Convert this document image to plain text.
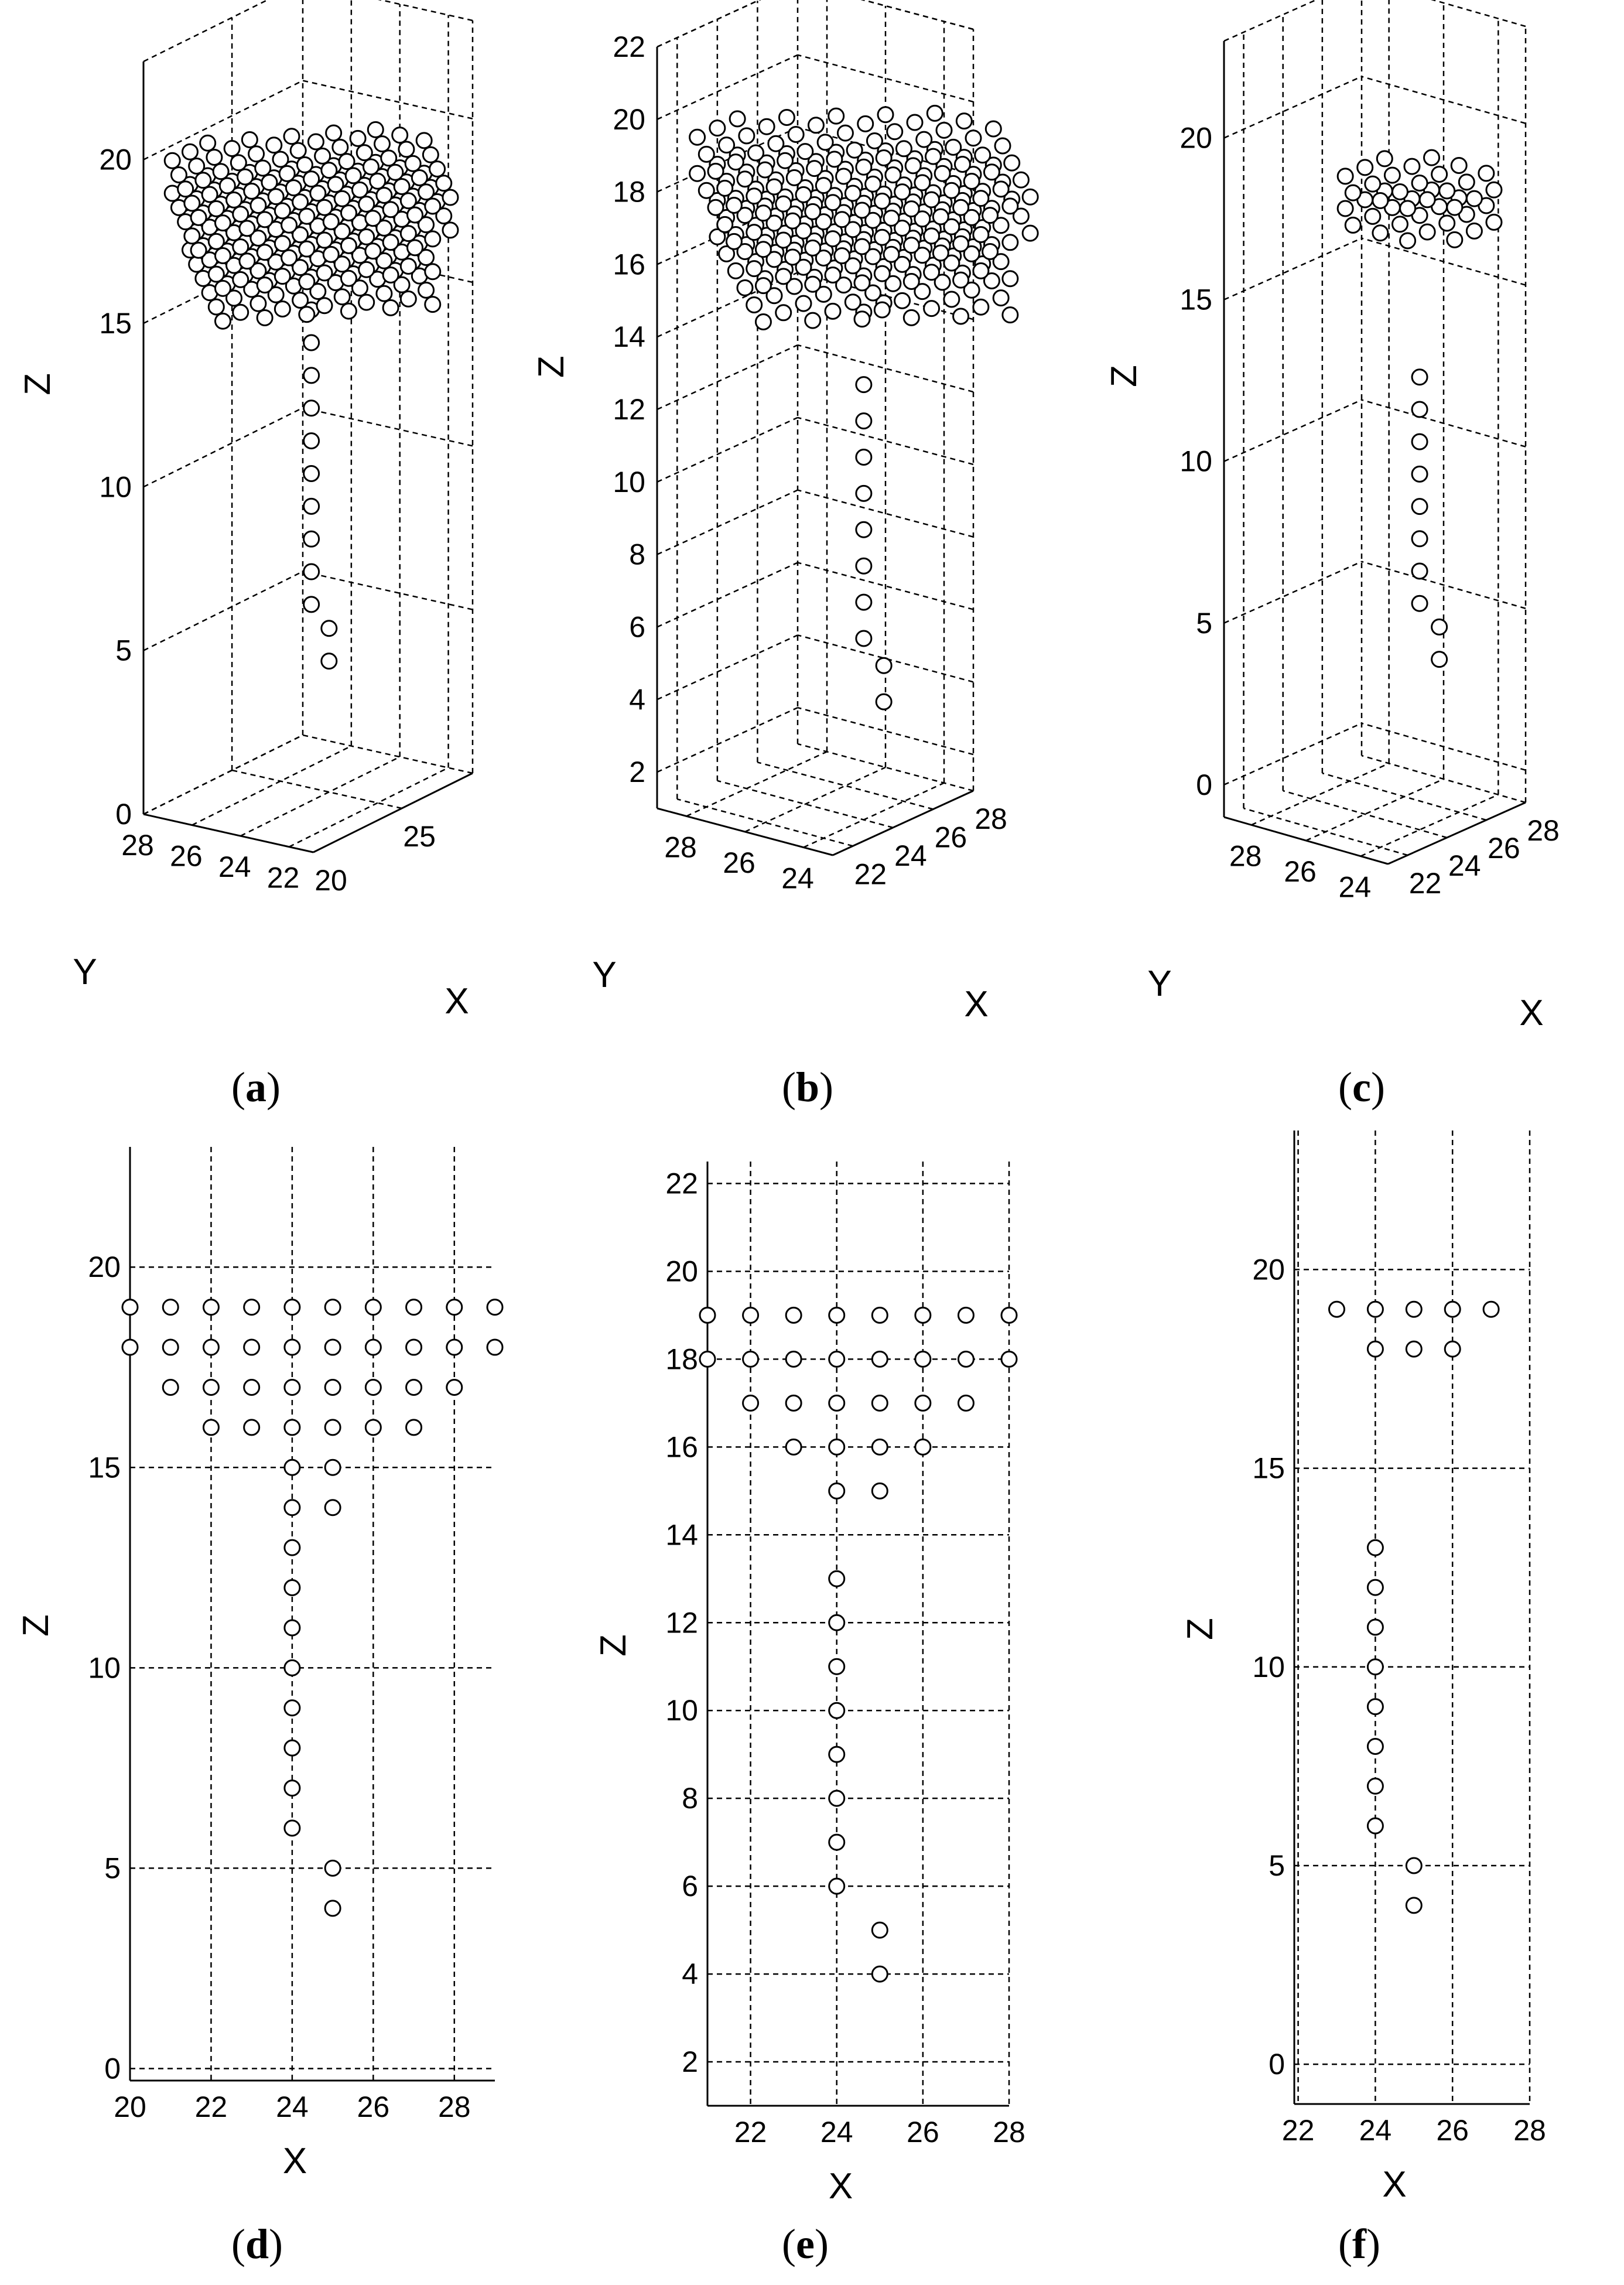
0
5
10
15
20
22
24
26
28
20
25
Y
X
Z
2
4
6
8
10
12
14
16
18
20
22
24
26
28
22
24
26
28
Y
X
Z
0
5
10
15
20
24
26
28
22
24
26
28
Y
X
Z
20 22 24 26 28
0
5
10
15
20
X
Z
22 24 26 28
2
4
6
8
10
12
14
16
18
20
22
X
Z
22 24 26 28
0
5
10
15
20
X
Z
(a)	(b)	(c)
(d)	(e)	(f)
